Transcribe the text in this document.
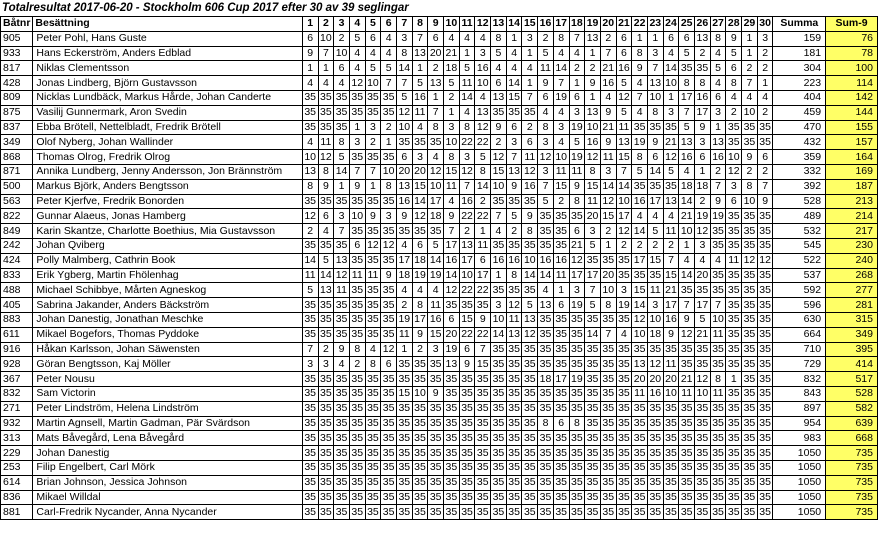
Totalresultat 2017-06-20 - Stockholm 606 Cup 2017 efter 30 av 39 seglingar
Båtnr	Besättning	1	2	3	4	5	6	7	8	9	10	11	12	13	14	15	16	17	18	19	20	21	22	23	24	25	26	27	28	29	30	Summa	Sum-9
905	Peter Pohl, Hans Guste	6	10	2	5	6	4	3	7	6	4	4	4	8	1	3	2	8	7	13	2	6	1	1	6	6	13	8	9	1	3	159	76
933	Hans Eckerström, Anders Edblad	9	7	10	4	4	4	8	13	20	21	1	3	5	4	1	5	4	4	1	7	6	8	3	4	5	2	4	5	1	2	181	78
817	Niklas Clementsson	1	1	6	4	5	5	14	1	2	18	5	16	4	4	4	11	14	2	2	21	16	9	7	14	35	35	5	6	2	2	304	100
428	Jonas Lindberg, Björn Gustavsson	4	4	4	12	10	7	7	5	13	5	11	10	6	14	1	9	7	1	9	16	5	4	13	10	8	8	4	8	7	1	223	114
809	Nicklas Lundbäck, Markus Hårde, Johan Canderte	35	35	35	35	35	35	5	16	1	2	14	4	13	15	7	6	19	6	1	4	12	7	10	1	17	16	6	4	4	4	404	142
875	Vasilij Gunnermark, Aron Svedin	35	35	35	35	35	35	12	11	7	1	4	13	35	35	35	4	4	3	13	9	5	4	8	3	7	17	3	2	10	2	459	144
837	Ebba Brötell, Nettelbladt, Fredrik Brötell	35	35	35	1	3	2	10	4	8	3	8	12	9	6	2	8	3	19	10	21	11	35	35	35	5	9	1	35	35	35	470	155
349	Olof Nyberg, Johan Wallinder	4	11	8	3	2	1	35	35	35	10	22	22	2	3	6	3	4	5	16	9	13	19	9	21	13	3	13	35	35	35	432	157
868	Thomas Olrog, Fredrik Olrog	10	12	5	35	35	35	6	3	4	8	3	5	12	7	11	12	10	19	12	11	15	8	6	12	16	6	16	10	9	6	359	164
871	Annika Lundberg, Jenny Andersson, Jon Brännström	13	8	14	7	7	10	20	20	12	15	12	8	15	13	12	3	11	11	8	3	7	5	14	5	4	1	2	12	2	2	332	169
500	Markus Björk, Anders Bengtsson	8	9	1	9	1	8	13	15	10	11	7	14	10	9	16	7	15	9	15	14	14	35	35	35	18	18	7	3	8	7	392	187
563	Peter Kjerfve, Fredrik Bonorden	35	35	35	35	35	35	16	14	17	4	16	2	35	35	35	5	2	8	11	12	10	16	17	13	14	2	9	6	10	9	528	213
822	Gunnar Alaeus, Jonas Hamberg	12	6	3	10	9	3	9	12	18	9	22	22	7	5	9	35	35	35	20	15	17	4	4	4	21	19	19	35	35	35	489	214
849	Karin Skantze, Charlotte Boethius, Mia Gustavsson	2	4	7	35	35	35	35	35	35	7	2	1	4	2	8	35	35	6	3	2	12	14	5	11	10	12	35	35	35	35	532	217
242	Johan Qviberg	35	35	35	6	12	12	4	6	5	17	13	11	35	35	35	35	35	21	5	1	2	2	2	2	1	3	35	35	35	35	545	230
424	Polly Malmberg, Cathrin Book	14	5	13	35	35	35	17	18	14	16	17	6	16	16	10	16	16	12	35	35	35	17	15	7	4	4	4	11	12	12	522	240
833	Erik Ygberg, Martin Fhölenhag	11	14	12	11	11	9	18	19	19	14	10	17	1	8	14	14	11	17	17	20	35	35	35	15	14	20	35	35	35	35	537	268
488	Michael Schibbye, Mårten Agneskog	5	13	11	35	35	35	4	4	4	12	22	22	35	35	35	4	1	3	7	10	3	15	11	21	35	35	35	35	35	35	592	277
405	Sabrina Jakander, Anders Bäckström	35	35	35	35	35	35	2	8	11	35	35	35	3	12	5	13	6	19	5	8	19	14	3	17	7	17	7	35	35	35	596	281
883	Johan Danestig, Jonathan Meschke	35	35	35	35	35	35	19	17	16	6	15	9	10	11	13	35	35	35	35	35	35	12	10	16	9	5	10	35	35	35	630	315
611	Mikael Bogefors, Thomas Pyddoke	35	35	35	35	35	35	11	9	15	20	22	22	14	13	12	35	35	35	14	7	4	10	18	9	12	21	11	35	35	35	664	349
916	Håkan Karlsson, Johan Säwensten	7	2	9	8	4	12	1	2	3	19	6	7	35	35	35	35	35	35	35	35	35	35	35	35	35	35	35	35	35	35	710	395
928	Göran Bengtsson, Kaj Möller	3	3	4	2	8	6	35	35	35	13	9	15	35	35	35	35	35	35	35	35	35	13	12	11	35	35	35	35	35	35	729	414
367	Peter Nousu	35	35	35	35	35	35	35	35	35	35	35	35	35	35	35	18	17	19	35	35	35	20	20	20	21	12	8	1	35	35	832	517
832	Sam Victorin	35	35	35	35	35	35	15	10	9	35	35	35	35	35	35	35	35	35	35	35	35	11	16	10	11	10	11	35	35	35	843	528
271	Peter Lindström, Helena Lindström	35	35	35	35	35	35	35	35	35	35	35	35	35	35	35	35	35	35	35	35	35	35	35	35	35	35	35	35	35	35	897	582
932	Martin Agnsell, Martin Gadman, Pär Svärdson	35	35	35	35	35	35	35	35	35	35	35	35	35	35	35	8	6	8	35	35	35	35	35	35	35	35	35	35	35	35	954	639
313	Mats Båvegård, Lena Båvegård	35	35	35	35	35	35	35	35	35	35	35	35	35	35	35	35	35	35	35	35	35	35	35	35	35	35	35	35	35	35	983	668
229	Johan Danestig	35	35	35	35	35	35	35	35	35	35	35	35	35	35	35	35	35	35	35	35	35	35	35	35	35	35	35	35	35	35	1050	735
253	Filip Engelbert, Carl Mörk	35	35	35	35	35	35	35	35	35	35	35	35	35	35	35	35	35	35	35	35	35	35	35	35	35	35	35	35	35	35	1050	735
614	Brian Johnson, Jessica Johnson	35	35	35	35	35	35	35	35	35	35	35	35	35	35	35	35	35	35	35	35	35	35	35	35	35	35	35	35	35	35	1050	735
836	Mikael Willdal	35	35	35	35	35	35	35	35	35	35	35	35	35	35	35	35	35	35	35	35	35	35	35	35	35	35	35	35	35	35	1050	735
881	Carl-Fredrik Nycander, Anna Nycander	35	35	35	35	35	35	35	35	35	35	35	35	35	35	35	35	35	35	35	35	35	35	35	35	35	35	35	35	35	35	1050	735
